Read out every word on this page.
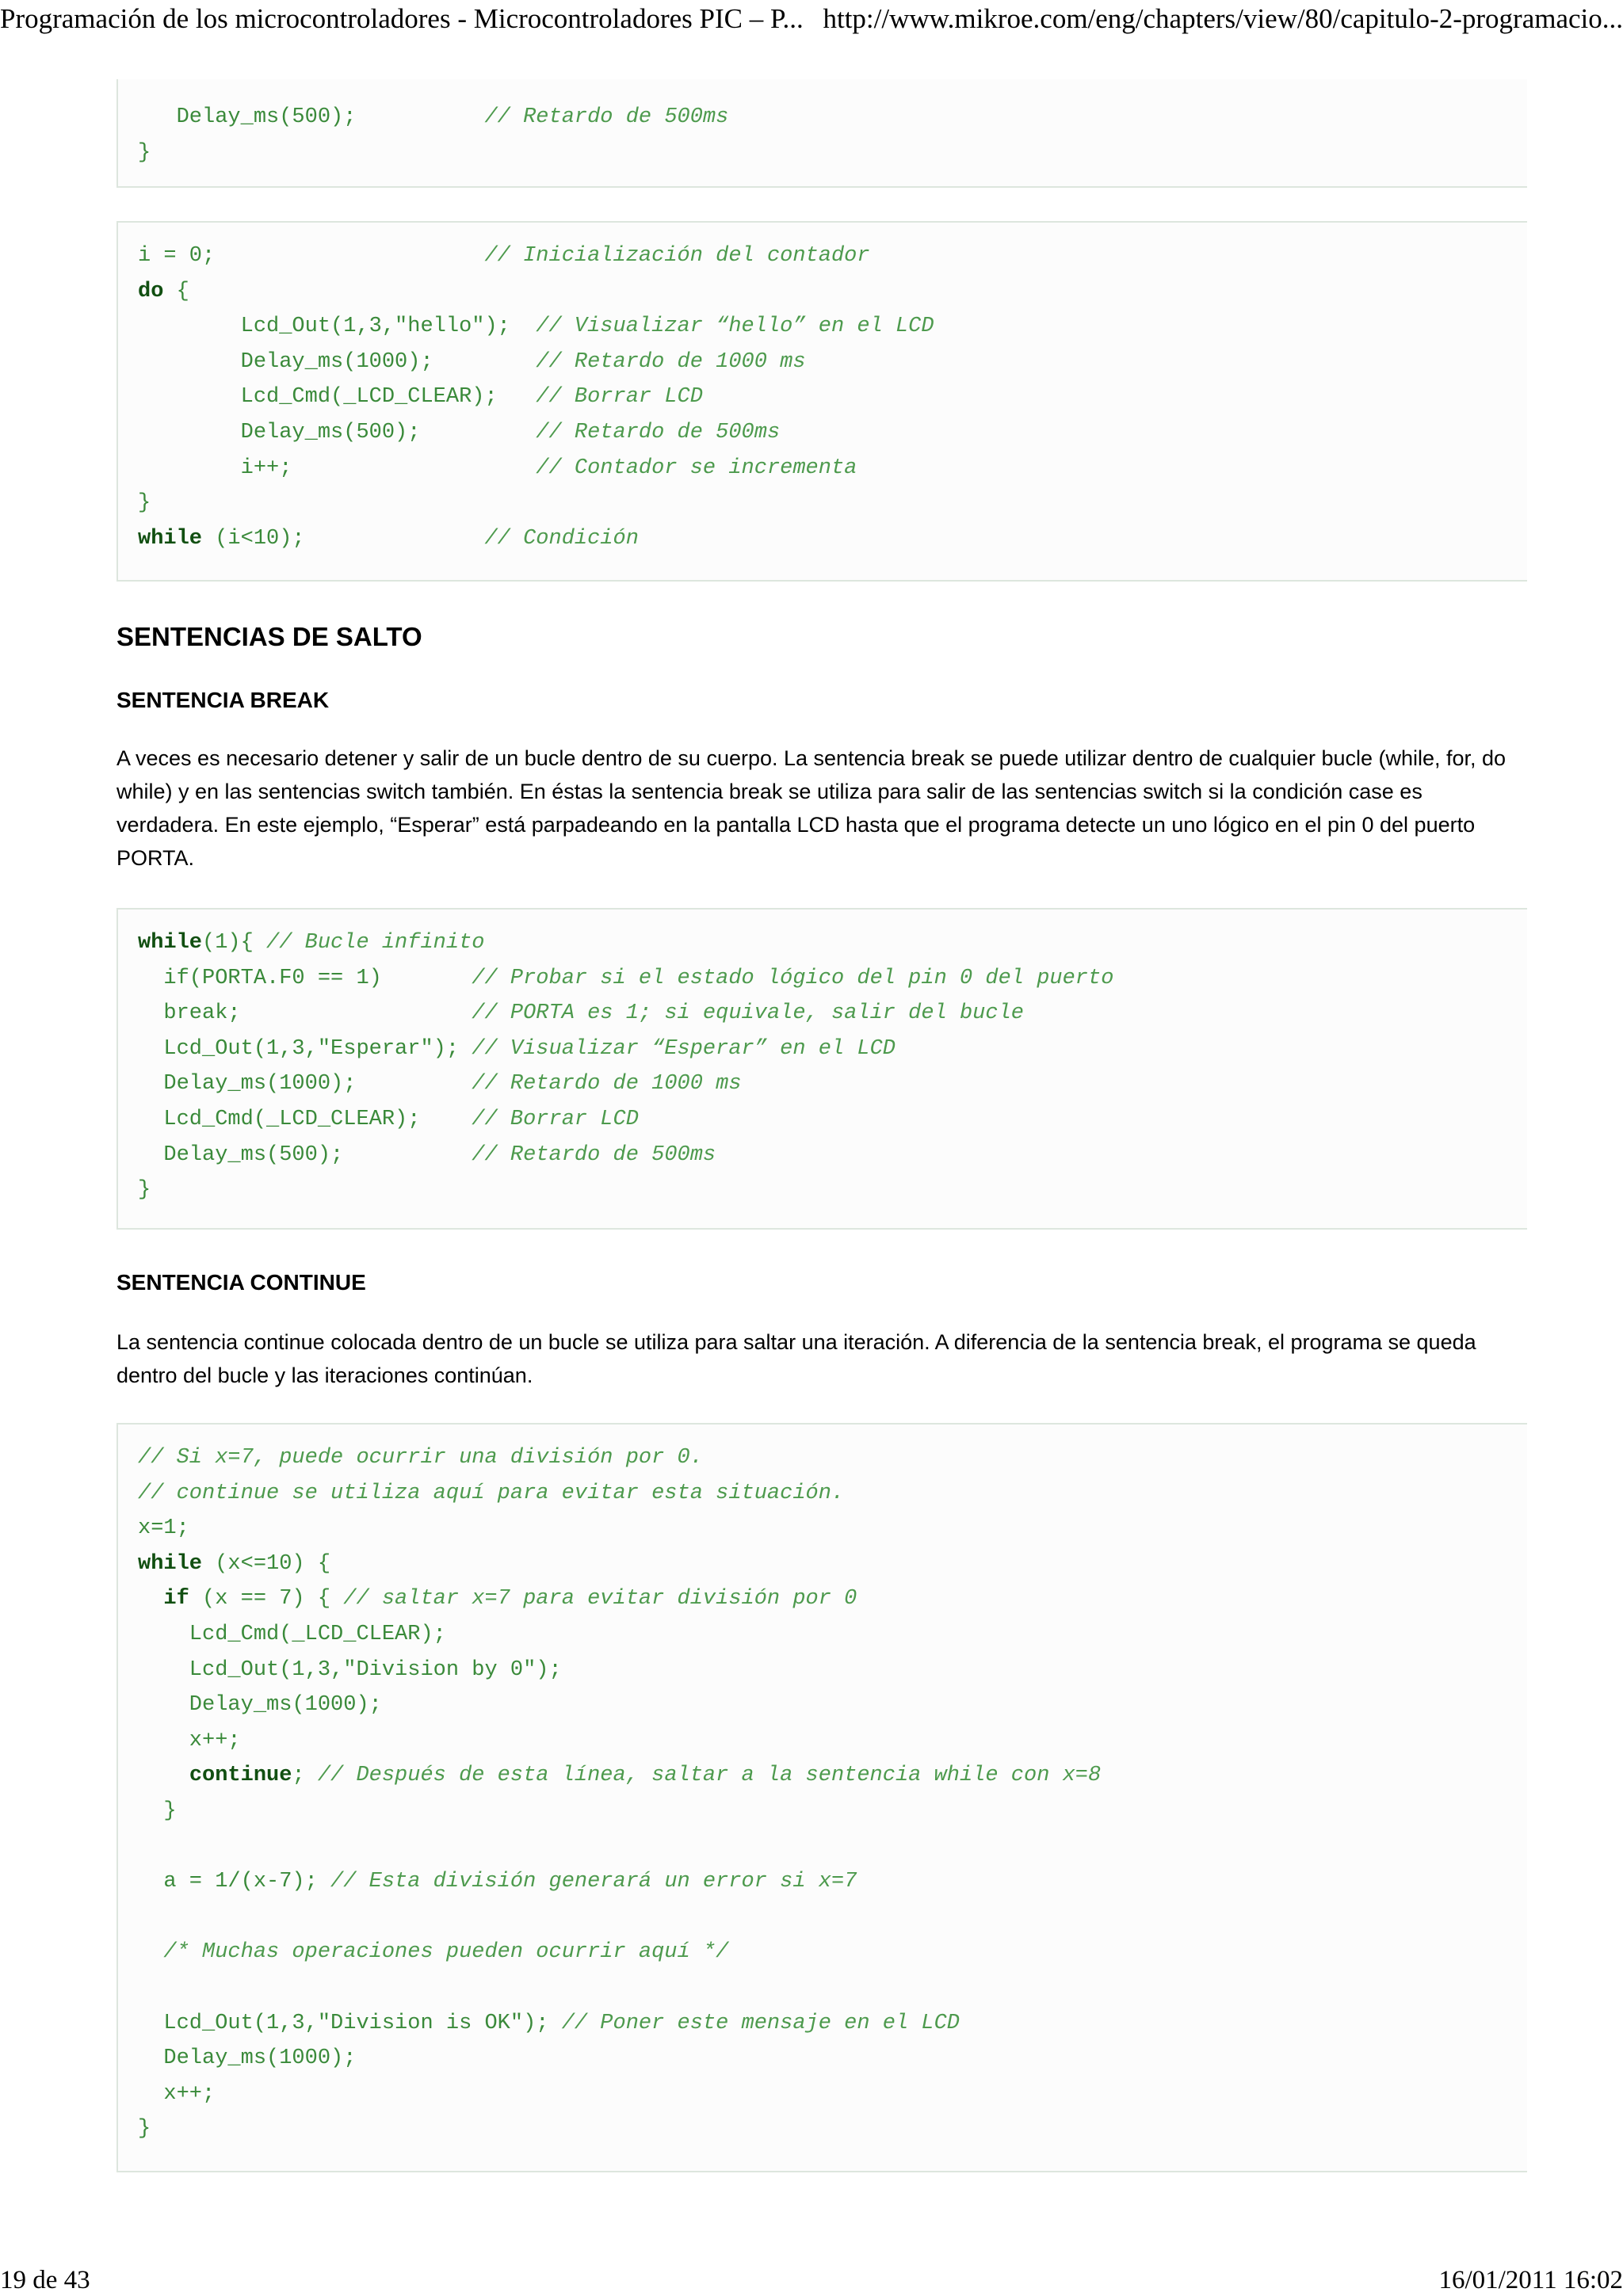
Programación de los microcontroladores - Microcontroladores PIC – P... http://www.mikroe.com/eng/chapters/view/80/capitulo-2-programacio...
Delay_ms(500);          // Retardo de 500ms
}
i = 0;                     // Inicialización del contador
do {
Lcd_Out(1,3,"hello");  // Visualizar “hello” en el LCD
Delay_ms(1000);        // Retardo de 1000 ms
Lcd_Cmd(_LCD_CLEAR);   // Borrar LCD
Delay_ms(500);         // Retardo de 500ms
i++;                   // Contador se incrementa
}
while (i<10);              // Condición
SENTENCIAS DE SALTO
SENTENCIA BREAK
A veces es necesario detener y salir de un bucle dentro de su cuerpo. La sentencia break se puede utilizar dentro de cualquier bucle (while, for, do while) y en las sentencias switch también. En éstas la sentencia break se utiliza para salir de las sentencias switch si la condición case es verdadera. En este ejemplo, “Esperar” está parpadeando en la pantalla LCD hasta que el programa detecte un uno lógico en el pin 0 del puerto PORTA.
while(1){ // Bucle infinito
if(PORTA.F0 == 1)       // Probar si el estado lógico del pin 0 del puerto
break;                  // PORTA es 1; si equivale, salir del bucle
Lcd_Out(1,3,"Esperar"); // Visualizar “Esperar” en el LCD
Delay_ms(1000);         // Retardo de 1000 ms
Lcd_Cmd(_LCD_CLEAR);    // Borrar LCD
Delay_ms(500);          // Retardo de 500ms
}
SENTENCIA CONTINUE
La sentencia continue colocada dentro de un bucle se utiliza para saltar una iteración. A diferencia de la sentencia break, el programa se queda dentro del bucle y las iteraciones continúan.
// Si x=7, puede ocurrir una división por 0.
// continue se utiliza aquí para evitar esta situación.
x=1;
while (x<=10) {
if (x == 7) { // saltar x=7 para evitar división por 0
Lcd_Cmd(_LCD_CLEAR);
Lcd_Out(1,3,"Division by 0");
Delay_ms(1000);
x++;
continue; // Después de esta línea, saltar a la sentencia while con x=8
}
a = 1/(x-7); // Esta división generará un error si x=7
/* Muchas operaciones pueden ocurrir aquí */
Lcd_Out(1,3,"Division is OK"); // Poner este mensaje en el LCD
Delay_ms(1000);
x++;
}
19 de 43	16/01/2011 16:02
